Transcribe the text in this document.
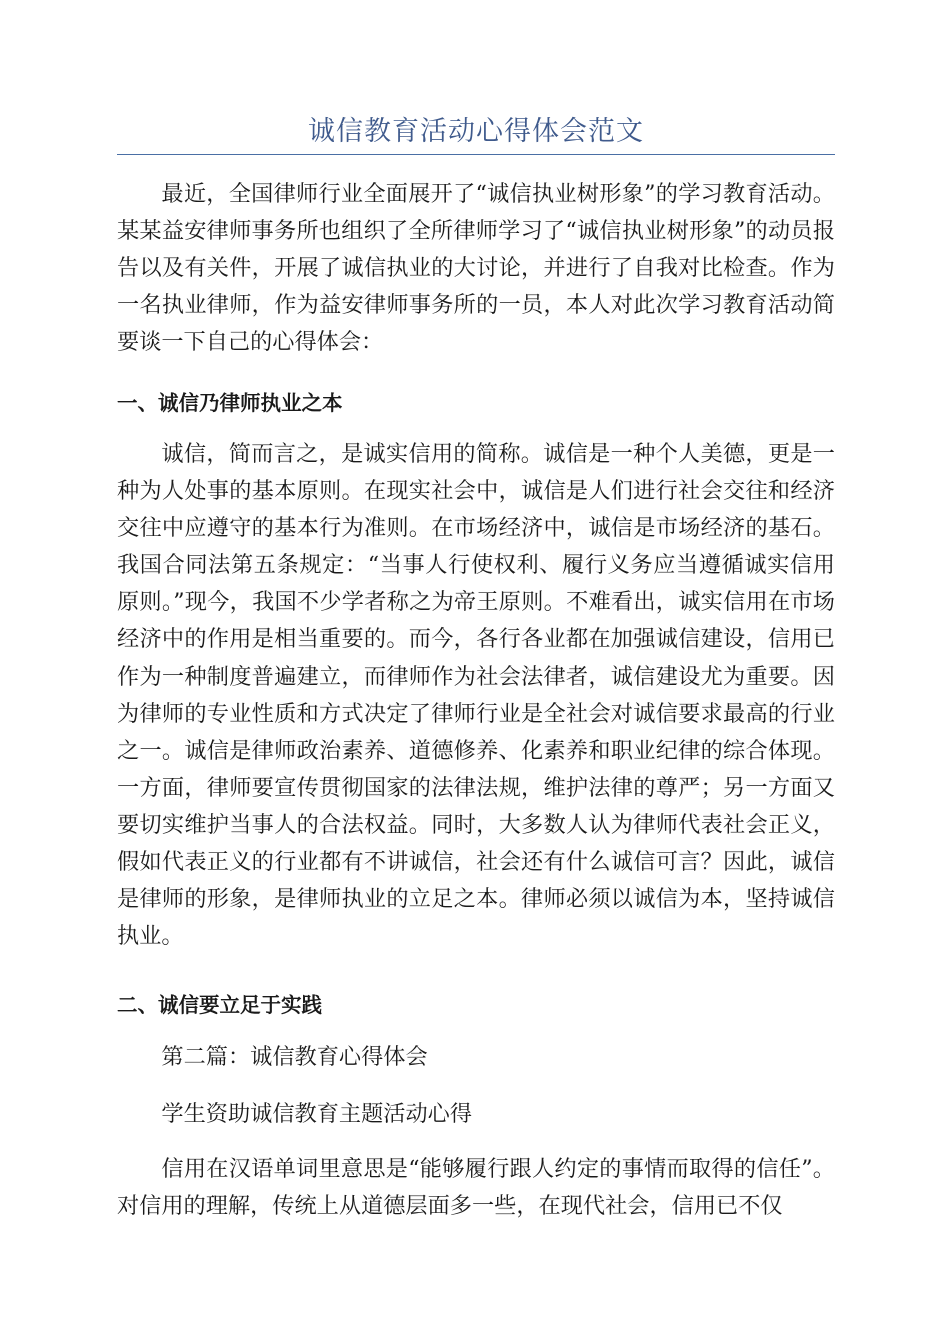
诚信教育活动心得体会范文

最近，全国律师行业全面展开了“诚信执业树形象”的学习教育活动。某某益安律师事务所也组织了全所律师学习了“诚信执业树形象”的动员报告以及有关件，开展了诚信执业的大讨论，并进行了自我对比检查。作为一名执业律师，作为益安律师事务所的一员，本人对此次学习教育活动简要谈一下自己的心得体会：

一、诚信乃律师执业之本

诚信，简而言之，是诚实信用的简称。诚信是一种个人美德，更是一种为人处事的基本原则。在现实社会中，诚信是人们进行社会交往和经济交往中应遵守的基本行为准则。在市场经济中，诚信是市场经济的基石。我国合同法第五条规定：“当事人行使权利、履行义务应当遵循诚实信用原则。”现今，我国不少学者称之为帝王原则。不难看出，诚实信用在市场经济中的作用是相当重要的。而今，各行各业都在加强诚信建设，信用已作为一种制度普遍建立，而律师作为社会法律者，诚信建设尤为重要。因为律师的专业性质和方式决定了律师行业是全社会对诚信要求最高的行业之一。诚信是律师政治素养、道德修养、化素养和职业纪律的综合体现。一方面，律师要宣传贯彻国家的法律法规，维护法律的尊严；另一方面又要切实维护当事人的合法权益。同时，大多数人认为律师代表社会正义，假如代表正义的行业都有不讲诚信，社会还有什么诚信可言？因此，诚信是律师的形象，是律师执业的立足之本。律师必须以诚信为本，坚持诚信执业。

二、诚信要立足于实践

第二篇：诚信教育心得体会

学生资助诚信教育主题活动心得

信用在汉语单词里意思是“能够履行跟人约定的事情而取得的信任”。对信用的理解，传统上从道德层面多一些，在现代社会，信用已不仅
